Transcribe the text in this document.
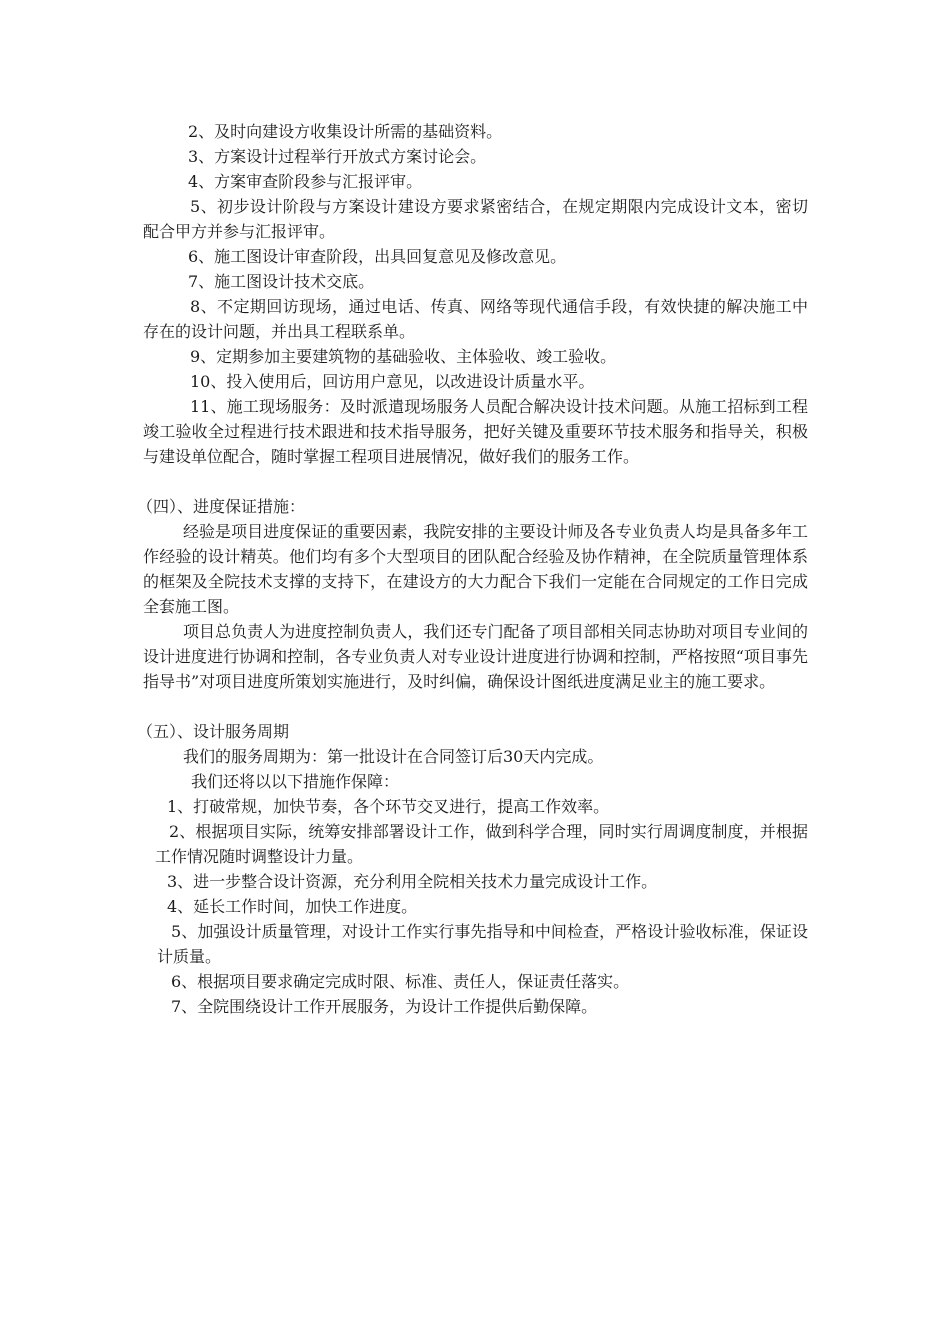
2、及时向建设方收集设计所需的基础资料。

3、方案设计过程举行开放式方案讨论会。

4、方案审查阶段参与汇报评审。

5、初步设计阶段与方案设计建设方要求紧密结合，在规定期限内完成设计文本，密切配合甲方并参与汇报评审。

6、施工图设计审查阶段，出具回复意见及修改意见。

7、施工图设计技术交底。

8、不定期回访现场，通过电话、传真、网络等现代通信手段，有效快捷的解决施工中存在的设计问题，并出具工程联系单。

9、定期参加主要建筑物的基础验收、主体验收、竣工验收。

10、投入使用后，回访用户意见，以改进设计质量水平。

11、施工现场服务：及时派遣现场服务人员配合解决设计技术问题。从施工招标到工程竣工验收全过程进行技术跟进和技术指导服务，把好关键及重要环节技术服务和指导关，积极与建设单位配合，随时掌握工程项目进展情况，做好我们的服务工作。

（四）、进度保证措施：

经验是项目进度保证的重要因素，我院安排的主要设计师及各专业负责人均是具备多年工作经验的设计精英。他们均有多个大型项目的团队配合经验及协作精神，在全院质量管理体系的框架及全院技术支撑的支持下，在建设方的大力配合下我们一定能在合同规定的工作日完成全套施工图。

项目总负责人为进度控制负责人，我们还专门配备了项目部相关同志协助对项目专业间的设计进度进行协调和控制，各专业负责人对专业设计进度进行协调和控制，严格按照“项目事先指导书”对项目进度所策划实施进行，及时纠偏，确保设计图纸进度满足业主的施工要求。

（五）、设计服务周期

我们的服务周期为：第一批设计在合同签订后30天内完成。

我们还将以以下措施作保障：

1、打破常规，加快节奏，各个环节交叉进行，提高工作效率。

2、根据项目实际，统筹安排部署设计工作，做到科学合理，同时实行周调度制度，并根据工作情况随时调整设计力量。

3、进一步整合设计资源，充分利用全院相关技术力量完成设计工作。

4、延长工作时间，加快工作进度。

5、加强设计质量管理，对设计工作实行事先指导和中间检查，严格设计验收标准，保证设计质量。

6、根据项目要求确定完成时限、标准、责任人，保证责任落实。

7、全院围绕设计工作开展服务，为设计工作提供后勤保障。
